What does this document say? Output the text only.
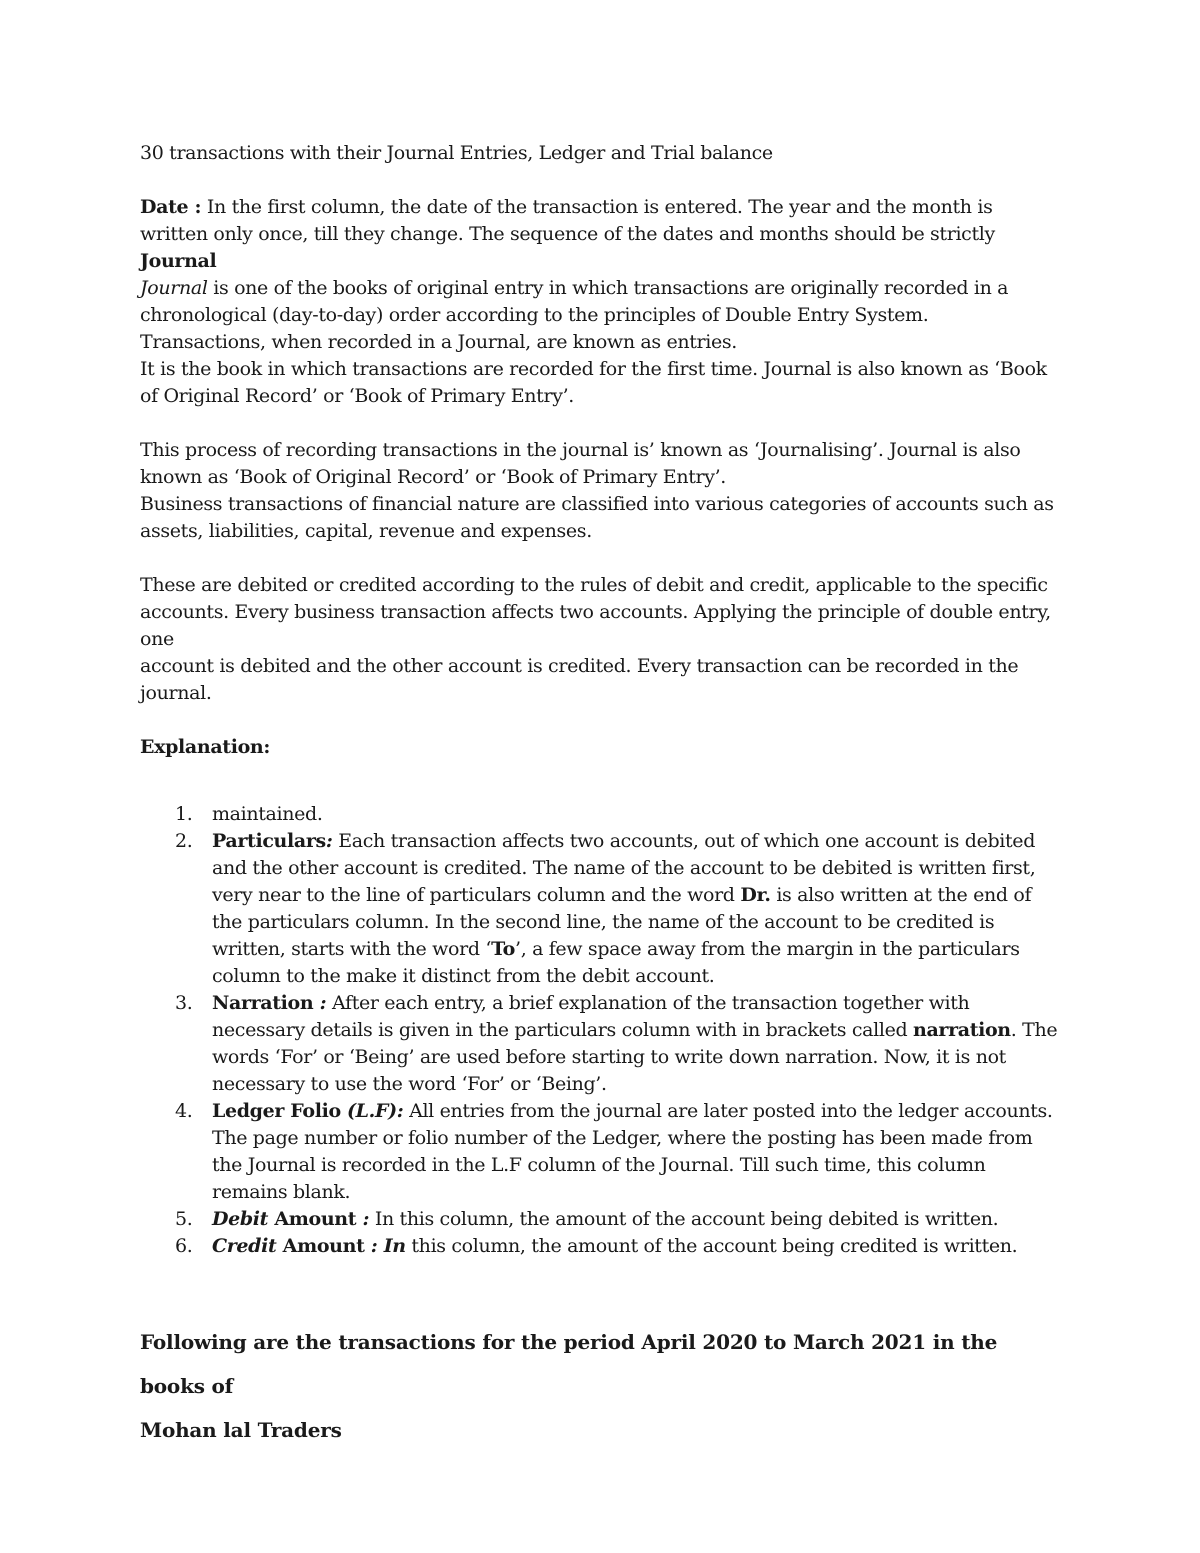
30 transactions with their Journal Entries, Ledger and Trial balance

Date : In the first column, the date of the transaction is entered. The year and the month is written only once, till they change. The sequence of the dates and months should be strictly

Journal

Journal is one of the books of original entry in which transactions are originally recorded in a chronological (day-to-day) order according to the principles of Double Entry System.

Transactions, when recorded in a Journal, are known as entries.

It is the book in which transactions are recorded for the first time. Journal is also known as ‘Book of Original Record’ or ‘Book of Primary Entry’.

This process of recording transactions in the journal is’ known as ‘Journalising’. Journal is also known as ‘Book of Original Record’ or ‘Book of Primary Entry’.

Business transactions of financial nature are classified into various categories of accounts such as assets, liabilities, capital, revenue and expenses.

These are debited or credited according to the rules of debit and credit, applicable to the specific accounts. Every business transaction affects two accounts. Applying the principle of double entry, one

account is debited and the other account is credited. Every transaction can be recorded in the journal.

Explanation:

1. maintained.
2. Particulars: Each transaction affects two accounts, out of which one account is debited and the other account is credited. The name of the account to be debited is written first, very near to the line of particulars column and the word Dr. is also written at the end of the particulars column. In the second line, the name of the account to be credited is written, starts with the word ‘To’, a few space away from the margin in the particulars column to the make it distinct from the debit account.
3. Narration : After each entry, a brief explanation of the transaction together with necessary details is given in the particulars column with in brackets called narration. The words ‘For’ or ‘Being’ are used before starting to write down narration. Now, it is not necessary to use the word ‘For’ or ‘Being’.
4. Ledger Folio (L.F): All entries from the journal are later posted into the ledger accounts. The page number or folio number of the Ledger, where the posting has been made from the Journal is recorded in the L.F column of the Journal. Till such time, this column remains blank.
5. Debit Amount : In this column, the amount of the account being debited is written.
6. Credit Amount : In this column, the amount of the account being credited is written.

Following are the transactions for the period April 2020 to March 2021 in the books of

Mohan lal Traders
